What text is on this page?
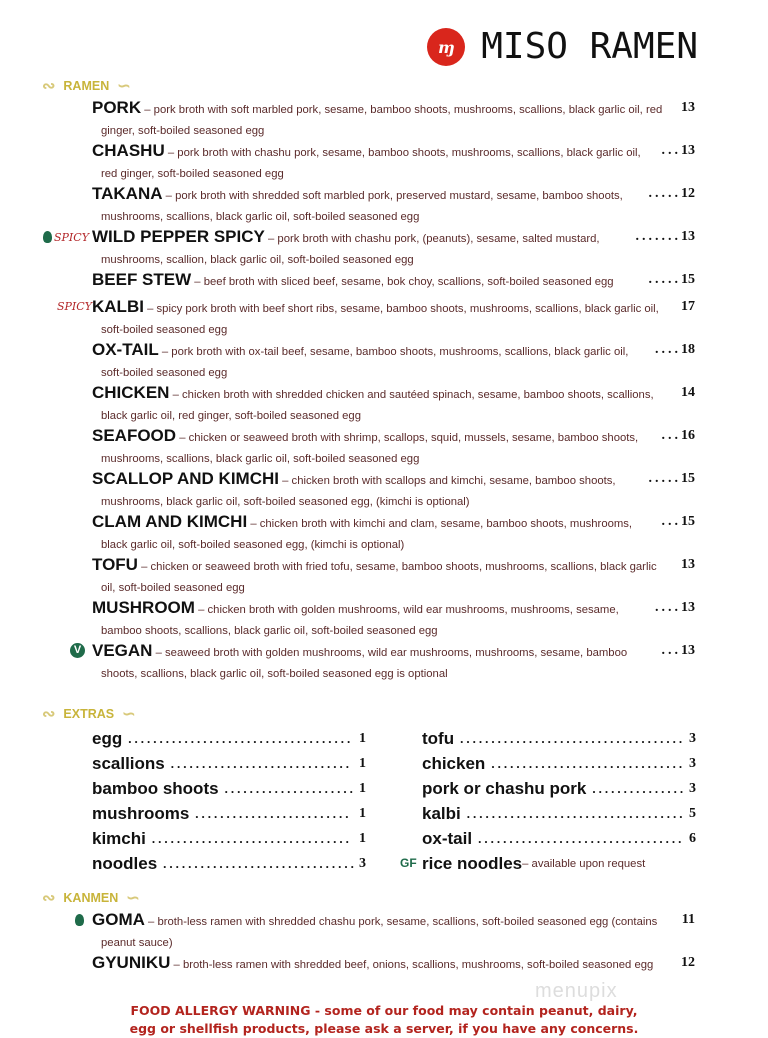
ɱ MISO RAMEN
∾ RAMEN ∽
13
PORK – pork broth with soft marbled pork, sesame, bamboo shoots, mushrooms, scallions, black garlic oil, red ginger, soft-boiled seasoned egg
...13
CHASHU – pork broth with chashu pork, sesame, bamboo shoots, mushrooms, scallions, black garlic oil, red ginger, soft-boiled seasoned egg
.....12
TAKANA – pork broth with shredded soft marbled pork, preserved mustard, sesame, bamboo shoots, mushrooms, scallions, black garlic oil, soft-boiled seasoned egg
.......13
SPICY WILD PEPPER SPICY – pork broth with chashu pork, (peanuts), sesame, salted mustard, mushrooms, scallion, black garlic oil, soft-boiled seasoned egg
.....15
BEEF STEW – beef broth with sliced beef, sesame, bok choy, scallions, soft-boiled seasoned egg
17
SPICY KALBI – spicy pork broth with beef short ribs, sesame, bamboo shoots, mushrooms, scallions, black garlic oil, soft-boiled seasoned egg
....18
OX-TAIL – pork broth with ox-tail beef, sesame, bamboo shoots, mushrooms, scallions, black garlic oil, soft-boiled seasoned egg
14
CHICKEN – chicken broth with shredded chicken and sautéed spinach, sesame, bamboo shoots, scallions, black garlic oil, red ginger, soft-boiled seasoned egg
...16
SEAFOOD – chicken or seaweed broth with shrimp, scallops, squid, mussels, sesame, bamboo shoots, mushrooms, scallions, black garlic oil, soft-boiled seasoned egg
.....15
SCALLOP AND KIMCHI – chicken broth with scallops and kimchi, sesame, bamboo shoots, mushrooms, black garlic oil, soft-boiled seasoned egg, (kimchi is optional)
...15
CLAM AND KIMCHI – chicken broth with kimchi and clam, sesame, bamboo shoots, mushrooms, black garlic oil, soft-boiled seasoned egg, (kimchi is optional)
13
TOFU – chicken or seaweed broth with fried tofu, sesame, bamboo shoots, mushrooms, scallions, black garlic oil, soft-boiled seasoned egg
....13
MUSHROOM – chicken broth with golden mushrooms, wild ear mushrooms, mushrooms, sesame, bamboo shoots, scallions, black garlic oil, soft-boiled seasoned egg
...13
V VEGAN – seaweed broth with golden mushrooms, wild ear mushrooms, mushrooms, sesame, bamboo shoots, scallions, black garlic oil, soft-boiled seasoned egg is optional
∾ EXTRAS ∽
egg .................................... 1
scallions ............................. 1
bamboo shoots ..................... 1
mushrooms ......................... 1
kimchi ................................ 1
noodles ............................... 3
tofu .................................... 3
chicken ............................... 3
pork or chashu pork ............... 3
kalbi ................................... 5
ox-tail ................................. 6
GF rice noodles – available upon request
∾ KANMEN ∽
11
GOMA – broth-less ramen with shredded chashu pork, sesame, scallions, soft-boiled seasoned egg (contains peanut sauce)
12
GYUNIKU – broth-less ramen with shredded beef, onions, scallions, mushrooms, soft-boiled seasoned egg
menupix
FOOD ALLERGY WARNING - some of our food may contain peanut, dairy,
egg or shellfish products, please ask a server, if you have any concerns.
